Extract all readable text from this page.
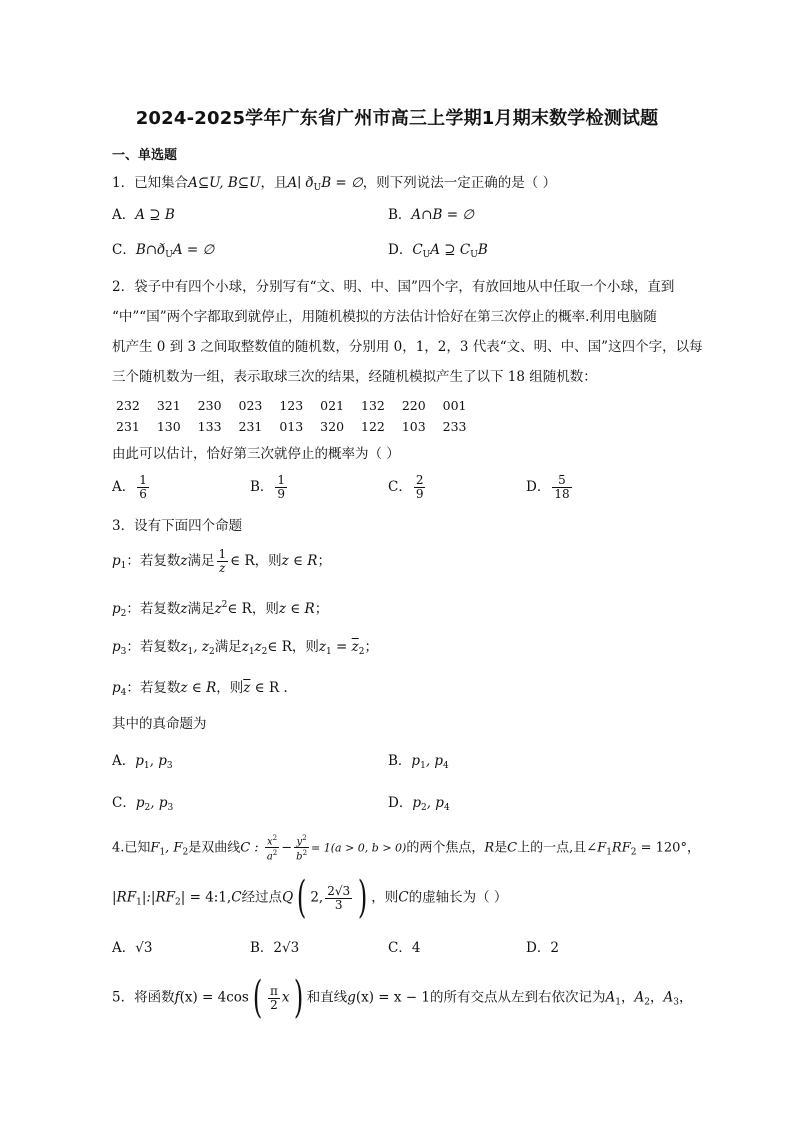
2024-2025学年广东省广州市高三上学期1月期末数学检测试题
一、单选题
1．已知集合A⊆U, B⊆U，且A∣ $ð_UB$ = ∅，则下列说法一定正确的是（ ）
A．A ⊇ B	B．A∩B = ∅
C．$B\cap ð_UA$ = ∅	D．$C_UA$ ⊇ $C_UB$
2．袋子中有四个小球，分别写有“文、明、中、国”四个字，有放回地从中任取一个小球，直到
“中”“国”两个字都取到就停止，用随机模拟的方法估计恰好在第三次停止的概率.利用电脑随
机产生 0 到 3 之间取整数值的随机数，分别用 0，1，2，3 代表“文、明、中、国”这四个字，以每
三个随机数为一组，表示取球三次的结果，经随机模拟产生了以下 18 组随机数：
232 321 230 023 123 021 132 220 001
231 130 133 231 013 320 122 103 233
由此可以估计，恰好第三次就停止的概率为（ ）
A． $\frac{1}{6}$	B． $\frac{1}{9}$	C． $\frac{2}{9}$	D． $\frac{5}{18}$
3．设有下面四个命题
$p_1$：若复数z满足 $\frac{1}{z}$ ∈ R，则z ∈ R；
$p_2$：若复数z满足$z^2\in$ R，则z ∈ R；
$p_3$：若复数$z_1$, $z_2$满足$z_1z_2\in$ R，则$z_1 = \overline{z}_2$；
$p_4$：若复数z ∈ R，则$\overline{z}$ ∈ R .
其中的真命题为
A．$p_1$, $p_3$	B．$p_1$, $p_4$
C．$p_2$, $p_3$	D．$p_2$, $p_4$
4.已知$F_1$, $F_2$是双曲线C : $\frac{x^2}{a^2} - \frac{y^2}{b^2} = 1(a > 0$, b > 0)的两个焦点，R是C上的一点,且$\angle F_1RF_2 = 120^\circ$，
$|RF_1|:|RF_2|$ = 4:1,C经过点Q( 2, $\frac{2√3}{3}$ ) ，则C的虚轴长为（ ）
A．√3	B．2√3	C．4	D．2
5．将函数$f(x) = 4\cos( \frac{\pi}{2} x)$ 和直线g(x) = x − 1的所有交点从左到右依次记为$A_1$，$A_2$，$A_3$，
